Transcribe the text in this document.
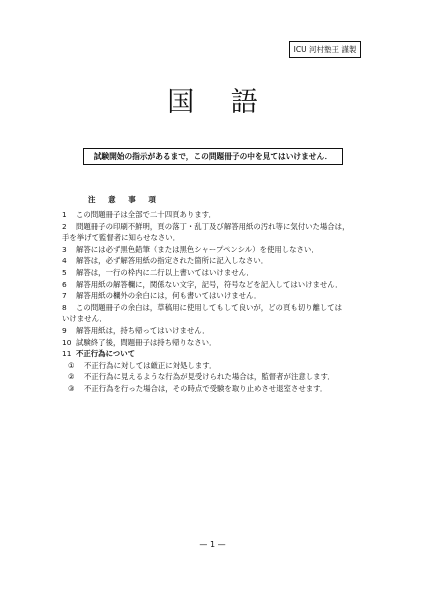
ICU 河村塾王 謹製
国 語
試験開始の指示があるまで，この問題冊子の中を見てはいけません．
注 意 事 項
1 この問題冊子は全部で二十四頁あります．
2 問題冊子の印刷不鮮明，頁の落丁・乱丁及び解答用紙の汚れ等に気付いた場合は，
手を挙げて監督者に知らせなさい．
3 解答には必ず黒色鉛筆（または黒色シャープペンシル）を使用しなさい．
4 解答は，必ず解答用紙の指定された箇所に記入しなさい．
5 解答は，一行の枠内に二行以上書いてはいけません．
6 解答用紙の解答欄に，関係ない文字，記号，符号などを記入してはいけません．
7 解答用紙の欄外の余白には，何も書いてはいけません．
8 この問題冊子の余白は，草稿用に使用してもして良いが，どの頁も切り離しては
いけません．
9 解答用紙は，持ち帰ってはいけません．
10 試験終了後，問題冊子は持ち帰りなさい．
11 不正行為について
① 不正行為に対しては厳正に対処します．
② 不正行為に見えるような行為が見受けられた場合は，監督者が注意します．
③ 不正行為を行った場合は，その時点で受験を取り止めさせ退室させます．
— 1 —
